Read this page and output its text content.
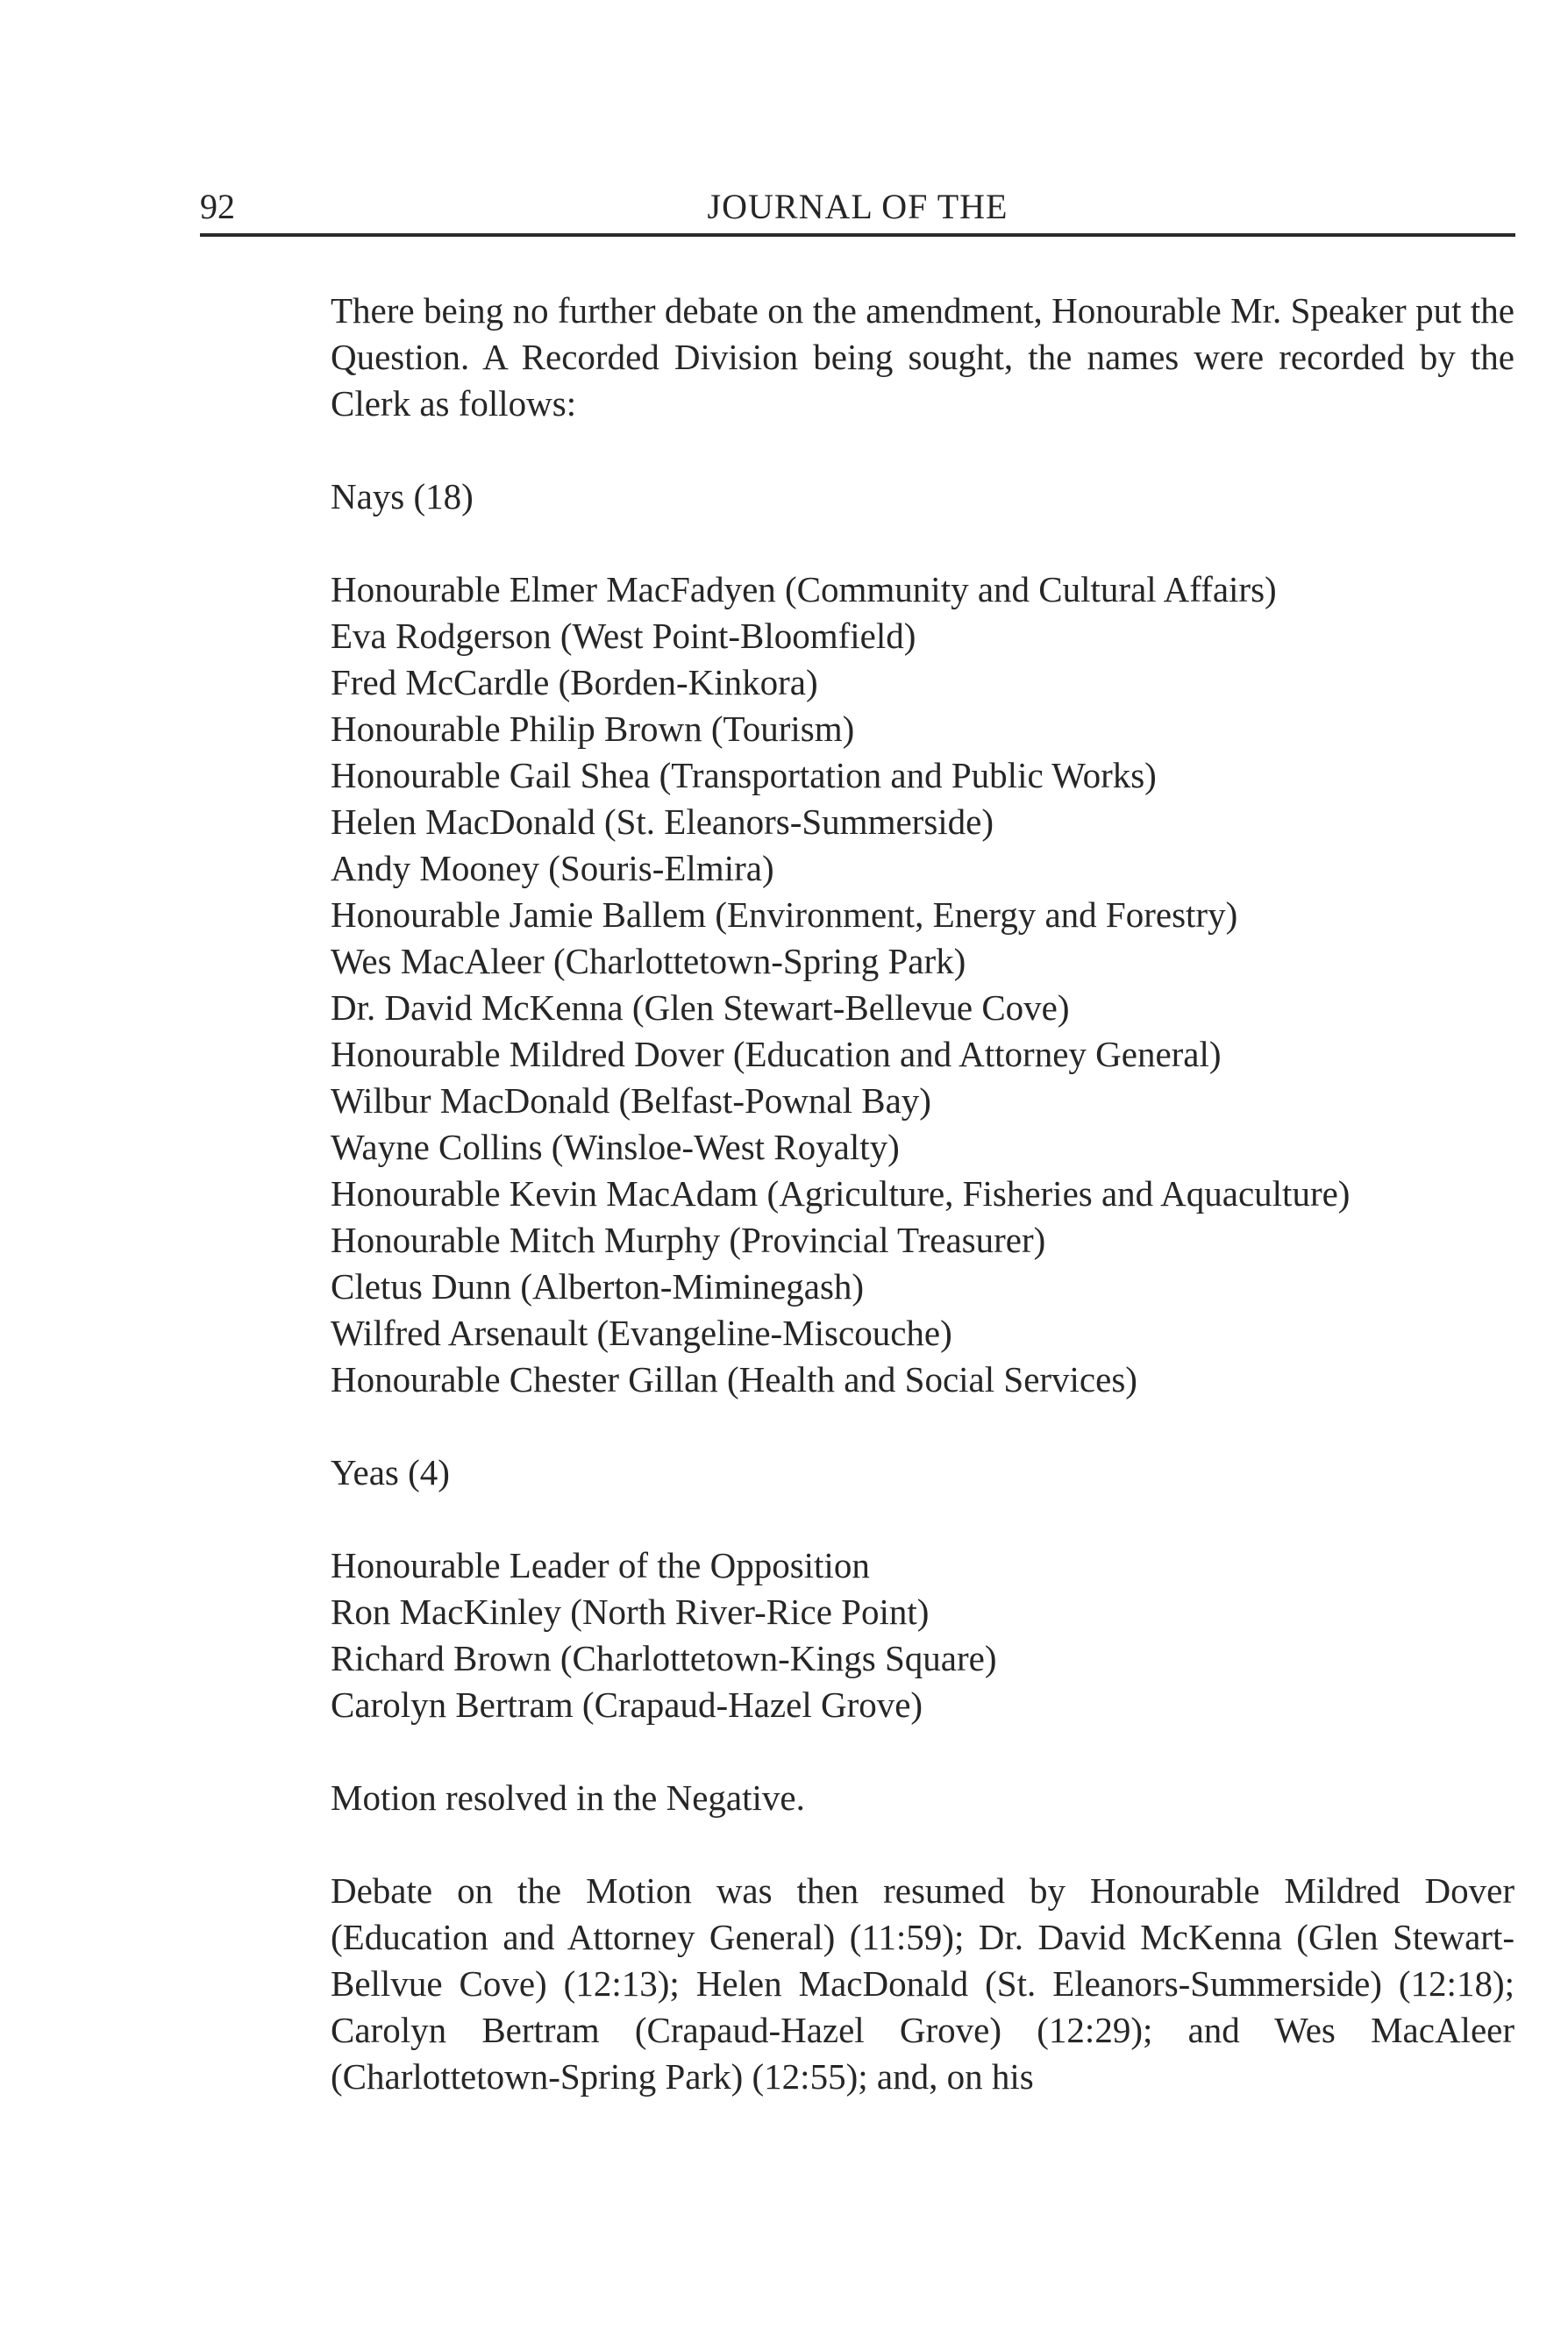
92	JOURNAL OF THE

There being no further debate on the amendment, Honourable Mr. Speaker put the Question. A Recorded Division being sought, the names were recorded by the Clerk as follows:

Nays (18)

Honourable Elmer MacFadyen (Community and Cultural Affairs)
Eva Rodgerson (West Point-Bloomfield)
Fred McCardle (Borden-Kinkora)
Honourable Philip Brown (Tourism)
Honourable Gail Shea (Transportation and Public Works)
Helen MacDonald (St. Eleanors-Summerside)
Andy Mooney (Souris-Elmira)
Honourable Jamie Ballem (Environment, Energy and Forestry)
Wes MacAleer (Charlottetown-Spring Park)
Dr. David McKenna (Glen Stewart-Bellevue Cove)
Honourable Mildred Dover (Education and Attorney General)
Wilbur MacDonald (Belfast-Pownal Bay)
Wayne Collins (Winsloe-West Royalty)
Honourable Kevin MacAdam (Agriculture, Fisheries and Aquaculture)
Honourable Mitch Murphy (Provincial Treasurer)
Cletus Dunn (Alberton-Miminegash)
Wilfred Arsenault (Evangeline-Miscouche)
Honourable Chester Gillan (Health and Social Services)

Yeas (4)

Honourable Leader of the Opposition
Ron MacKinley (North River-Rice Point)
Richard Brown (Charlottetown-Kings Square)
Carolyn Bertram (Crapaud-Hazel Grove)

Motion resolved in the Negative.

Debate on the Motion was then resumed by Honourable Mildred Dover (Education and Attorney General) (11:59); Dr. David McKenna (Glen Stewart-Bellvue Cove) (12:13); Helen MacDonald (St. Eleanors-Summerside) (12:18); Carolyn Bertram (Crapaud-Hazel Grove) (12:29); and Wes MacAleer (Charlottetown-Spring Park) (12:55); and, on his
